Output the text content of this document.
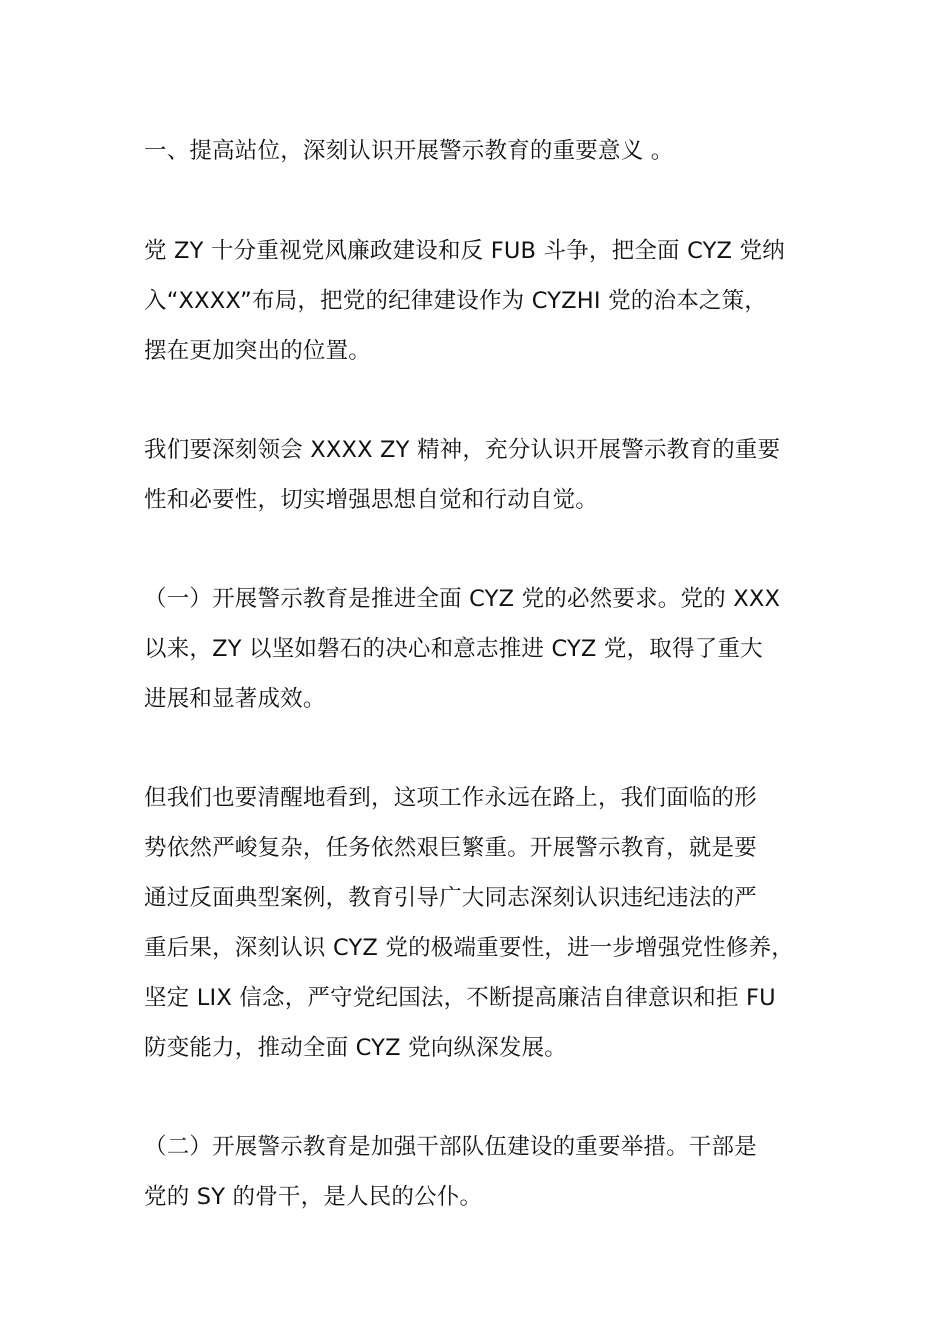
一、提高站位，深刻认识开展警示教育的重要意义 。
党 ZY 十分重视党风廉政建设和反 FUB 斗争，把全面 CYZ 党纳
入“XXXX”布局，把党的纪律建设作为 CYZHI 党的治本之策，
摆在更加突出的位置。
我们要深刻领会 XXXX ZY 精神，充分认识开展警示教育的重要
性和必要性，切实增强思想自觉和行动自觉。
（一）开展警示教育是推进全面 CYZ 党的必然要求。党的 XXX
以来，ZY 以坚如磐石的决心和意志推进 CYZ 党，取得了重大
进展和显著成效。
但我们也要清醒地看到，这项工作永远在路上，我们面临的形
势依然严峻复杂，任务依然艰巨繁重。开展警示教育，就是要
通过反面典型案例，教育引导广大同志深刻认识违纪违法的严
重后果，深刻认识 CYZ 党的极端重要性，进一步增强党性修养，
坚定 LIX 信念，严守党纪国法，不断提高廉洁自律意识和拒 FU
防变能力，推动全面 CYZ 党向纵深发展。
（二）开展警示教育是加强干部队伍建设的重要举措。干部是
党的 SY 的骨干，是人民的公仆。
